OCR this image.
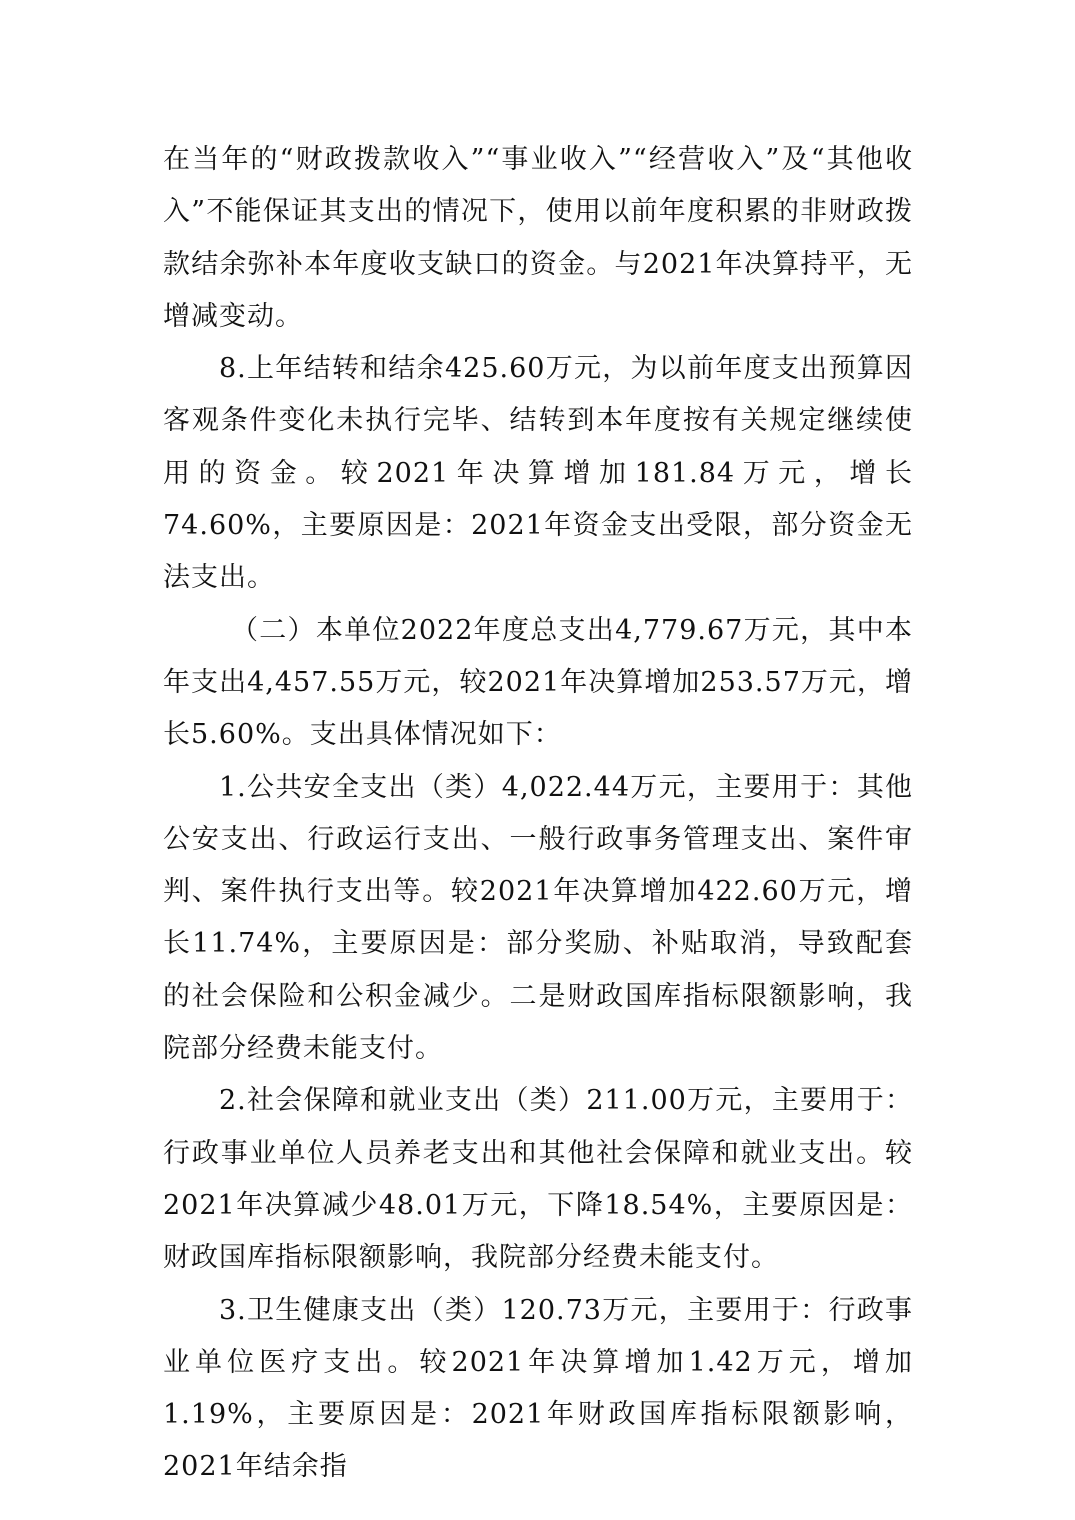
在当年的“财政拨款收入”“事业收入”“经营收入”及“其他收入”不能保证其支出的情况下，使用以前年度积累的非财政拨款结余弥补本年度收支缺口的资金。与2021年决算持平，无增减变动。

8.上年结转和结余425.60万元，为以前年度支出预算因客观条件变化未执行完毕、结转到本年度按有关规定继续使用的资金。较2021年决算增加181.84万元，增长74.60%，主要原因是：2021年资金支出受限，部分资金无法支出。

（二）本单位2022年度总支出4,779.67万元，其中本年支出4,457.55万元，较2021年决算增加253.57万元，增长5.60%。支出具体情况如下：

1.公共安全支出（类）4,022.44万元，主要用于：其他公安支出、行政运行支出、一般行政事务管理支出、案件审判、案件执行支出等。较2021年决算增加422.60万元，增长11.74%，主要原因是：部分奖励、补贴取消，导致配套的社会保险和公积金减少。二是财政国库指标限额影响，我院部分经费未能支付。

2.社会保障和就业支出（类）211.00万元，主要用于：行政事业单位人员养老支出和其他社会保障和就业支出。较2021年决算减少48.01万元，下降18.54%，主要原因是：财政国库指标限额影响，我院部分经费未能支付。

3.卫生健康支出（类）120.73万元，主要用于：行政事业单位医疗支出。较2021年决算增加1.42万元，增加1.19%，主要原因是：2021年财政国库指标限额影响，2021年结余指
